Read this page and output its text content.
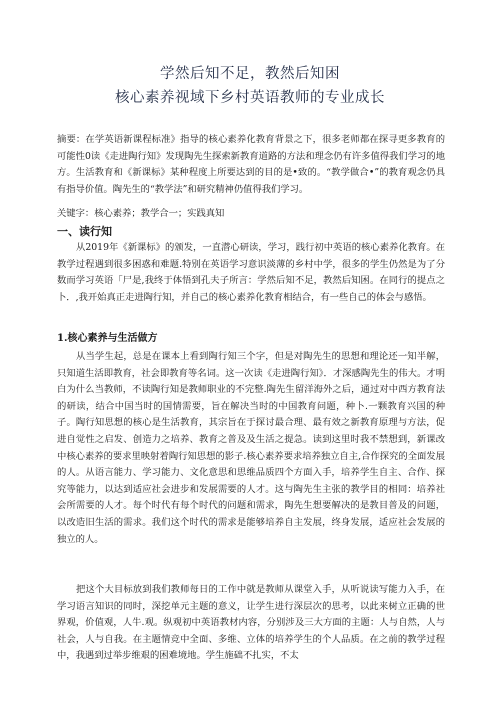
学然后知不足，教然后知困
核心素养视域下乡村英语教师的专业成长

摘要：在学英语新课程标准》指导的核心素养化教育背景之下，很多老师都在探寻更多教育的可能性0读《走进陶行知》发现陶先生探索新教育道路的方法和理念仍有许多值得我们学习的地方。生活教育和《新课标》某种程度上所要达到的目的是•致的。“教学做合•”的教育观念仍具有指导价值。陶先生的“教学法”和研究精神仍值得我们学习。

关键字：核心素养；教学合一；实践真知

一、读行知

从2019年《新课标》的颁发，一直潜心研读，学习，践行初中英语的核心素养化教育。在教学过程遇到很多困惑和难题.特别在英语学习意识淡薄的乡村中学，很多的学生仍然是为了分数而学习英语「尸是,我终于体悟到孔夫子所言：学然后知不足，教然后知困。在同行的提点之卜．,我开始真正走进陶行知，并自己的核心素养化教育相结合，有一些自己的体会与感悟。

1.核心素养与生活做方

从当学生起，总是在课本上看到陶行知三个字，但是对陶先生的思想和理论还一知半解，只知道生活即教育，社会即教育等名词。这一次读《走进陶行知》．才深感陶先生的伟大。才明白为什么当教师，不读陶行知是教师职业的不完整.陶先生留洋海外之后，通过对中西方教育法的研读，结合中国当时的国情需要，旨在解决当时的中国教育问题，种卜.一颗教育兴国的种子。陶行知思想的核心是生活教育，其宗旨在于探讨最合理、最有效之新教育原理与方法，促进自觉性之启发、创造力之培养、教育之普及及生活之提急。读到这里时我不禁想到，新课改中核心素养的要求里映射着陶行知思想的影子.核心素养要求培养独立自主,合作探究的全面发展的人。从语言能力、学习能力、文化意思和思维品质四个方面入手，培养学生自主、合作、探究等能力，以达到适应社会进步和发展需要的人才。这与陶先生主张的教学目的相同：培养社会所需要的人才。每个时代有每个时代的问题和需求，陶先生想要解决的是教目普及的问题，以改造旧生活的需求。我们这个时代的需求是能够培养自主发展，终身发展，适应社会发展的独立的人。

把这个大目标放到我们教师每日的工作中就是教师从课堂入手，从听说读写能力入手，在学习语言知识的同时，深挖单元主题的意义，让学生进行深层次的思考，以此来树立正确的世界观，价值观，人牛.观。纵观初中英语教材内容，分别涉及三大方面的主题：人与自然，人与社会，人与自我。在主题情竞中全面、多维、立体的培养学生的个人品质。在之前的教学过程中，我遇到过举步维艰的困难境地。学生施础不扎实，不太
